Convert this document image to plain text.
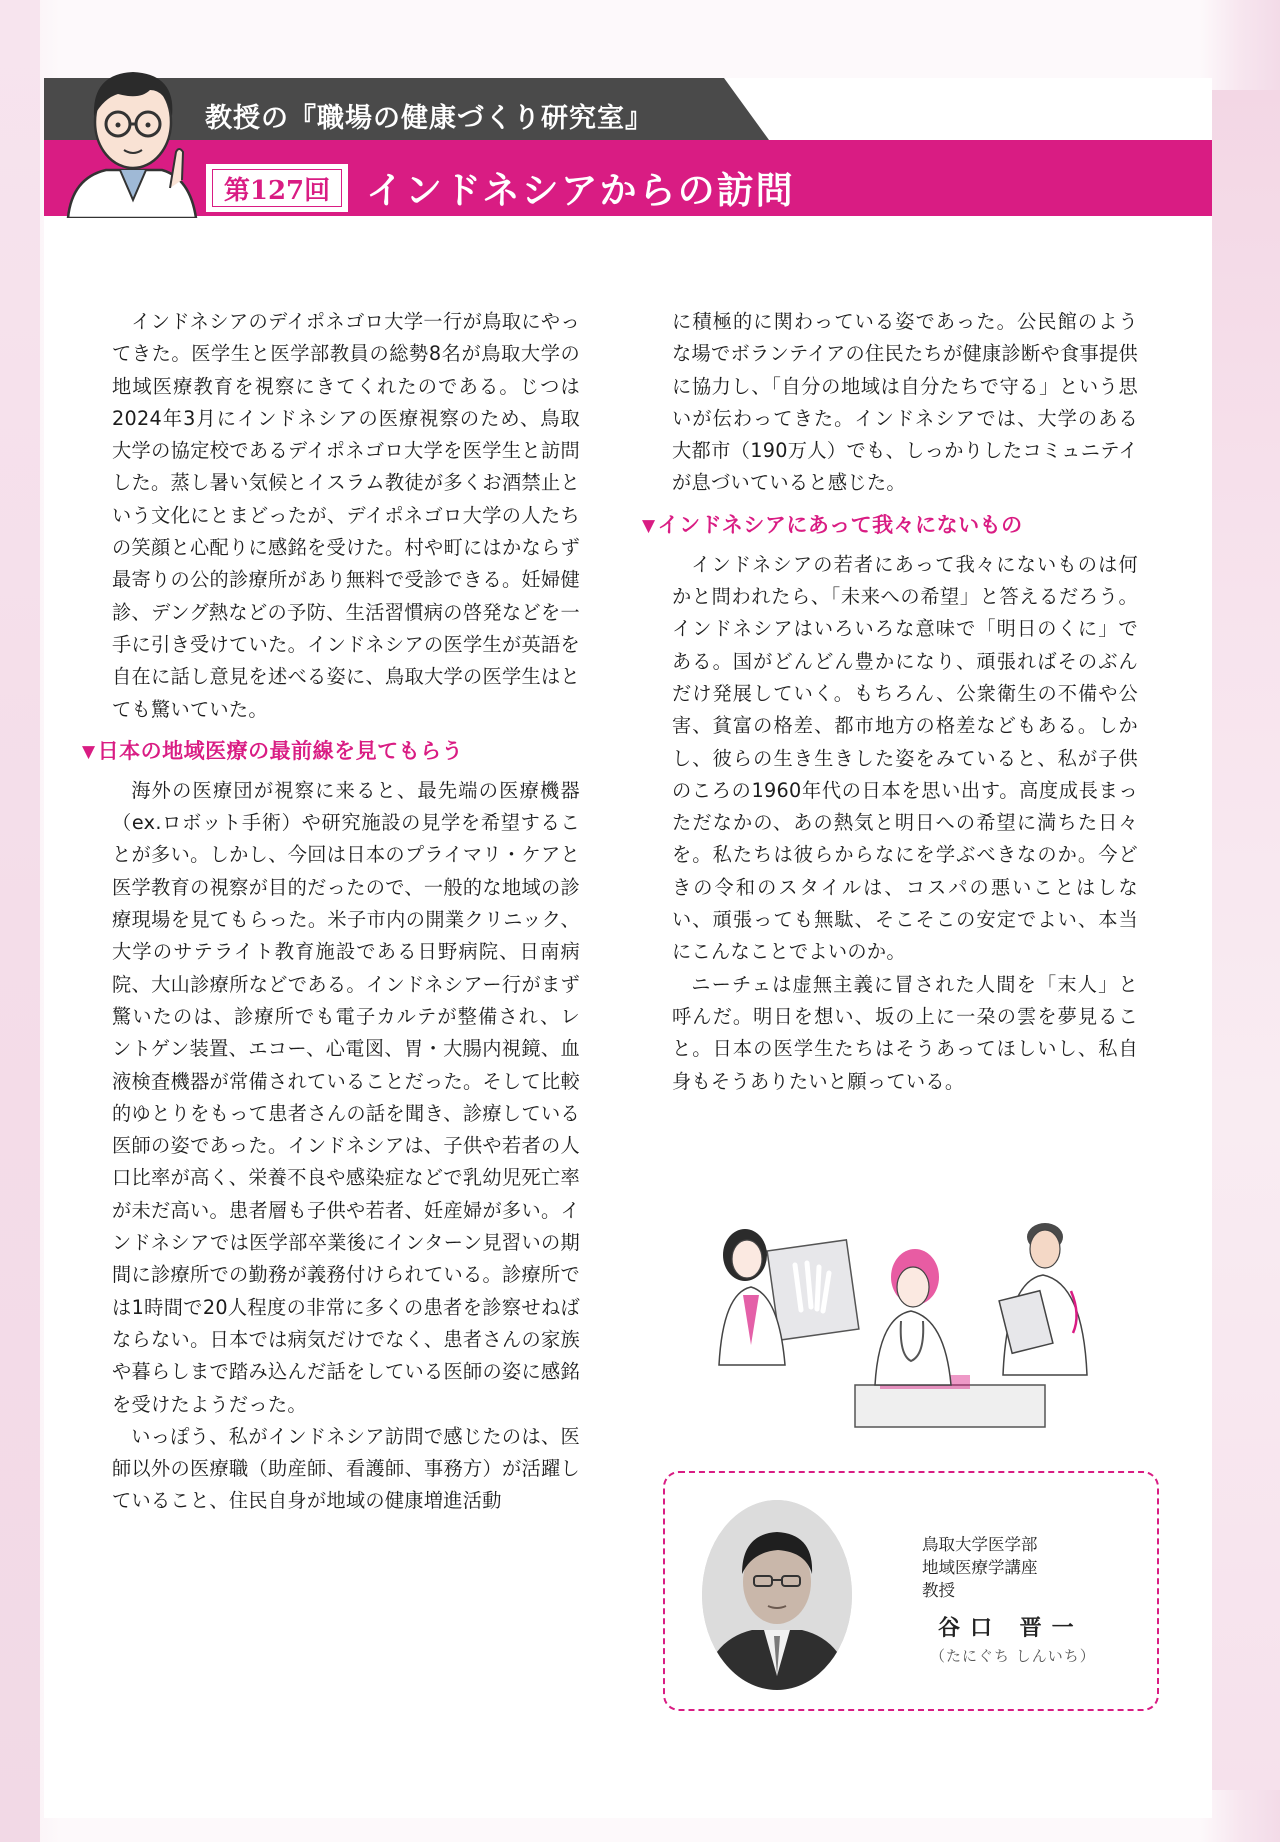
教授の『職場の健康づくり研究室』
第127回 インドネシアからの訪問

インドネシアのデイポネゴロ大学一行が鳥取にやってきた。医学生と医学部教員の総勢8名が鳥取大学の地域医療教育を視察にきてくれたのである。じつは2024年3月にインドネシアの医療視察のため、鳥取大学の協定校であるデイポネゴロ大学を医学生と訪問した。蒸し暑い気候とイスラム教徒が多くお酒禁止という文化にとまどったが、デイポネゴロ大学の人たちの笑顔と心配りに感銘を受けた。村や町にはかならず最寄りの公的診療所があり無料で受診できる。妊婦健診、デング熱などの予防、生活習慣病の啓発などを一手に引き受けていた。インドネシアの医学生が英語を自在に話し意見を述べる姿に、鳥取大学の医学生はとても驚いていた。

▼日本の地域医療の最前線を見てもらう

海外の医療団が視察に来ると、最先端の医療機器（ex.ロボット手術）や研究施設の見学を希望することが多い。しかし、今回は日本のプライマリ・ケアと医学教育の視察が目的だったので、一般的な地域の診療現場を見てもらった。米子市内の開業クリニック、大学のサテライト教育施設である日野病院、日南病院、大山診療所などである。インドネシアー行がまず驚いたのは、診療所でも電子カルテが整備され、レントゲン装置、エコー、心電図、胃・大腸内視鏡、血液検査機器が常備されていることだった。そして比較的ゆとりをもって患者さんの話を聞き、診療している医師の姿であった。インドネシアは、子供や若者の人口比率が高く、栄養不良や感染症などで乳幼児死亡率が未だ高い。患者層も子供や若者、妊産婦が多い。インドネシアでは医学部卒業後にインターン見習いの期間に診療所での勤務が義務付けられている。診療所では1時間で20人程度の非常に多くの患者を診察せねばならない。日本では病気だけでなく、患者さんの家族や暮らしまで踏み込んだ話をしている医師の姿に感銘を受けたようだった。

いっぽう、私がインドネシア訪問で感じたのは、医師以外の医療職（助産師、看護師、事務方）が活躍していること、住民自身が地域の健康増進活動

に積極的に関わっている姿であった。公民館のような場でボランテイアの住民たちが健康診断や食事提供に協力し、「自分の地域は自分たちで守る」という思いが伝わってきた。インドネシアでは、大学のある大都市（190万人）でも、しっかりしたコミュニテイが息づいていると感じた。

▼インドネシアにあって我々にないもの

インドネシアの若者にあって我々にないものは何かと問われたら、「未来への希望」と答えるだろう。インドネシアはいろいろな意味で「明日のくに」である。国がどんどん豊かになり、頑張ればそのぶんだけ発展していく。もちろん、公衆衛生の不備や公害、貧富の格差、都市地方の格差などもある。しかし、彼らの生き生きした姿をみていると、私が子供のころの1960年代の日本を思い出す。高度成長まっただなかの、あの熱気と明日への希望に満ちた日々を。私たちは彼らからなにを学ぶべきなのか。今どきの令和のスタイルは、コスパの悪いことはしない、頑張っても無駄、そこそこの安定でよい、本当にこんなことでよいのか。

ニーチェは虚無主義に冒された人間を「末人」と呼んだ。明日を想い、坂の上に一朶の雲を夢見ること。日本の医学生たちはそうあってほしいし、私自身もそうありたいと願っている。

鳥取大学医学部
地域医療学講座
教授
谷口 晋一
（たにぐち しんいち）
